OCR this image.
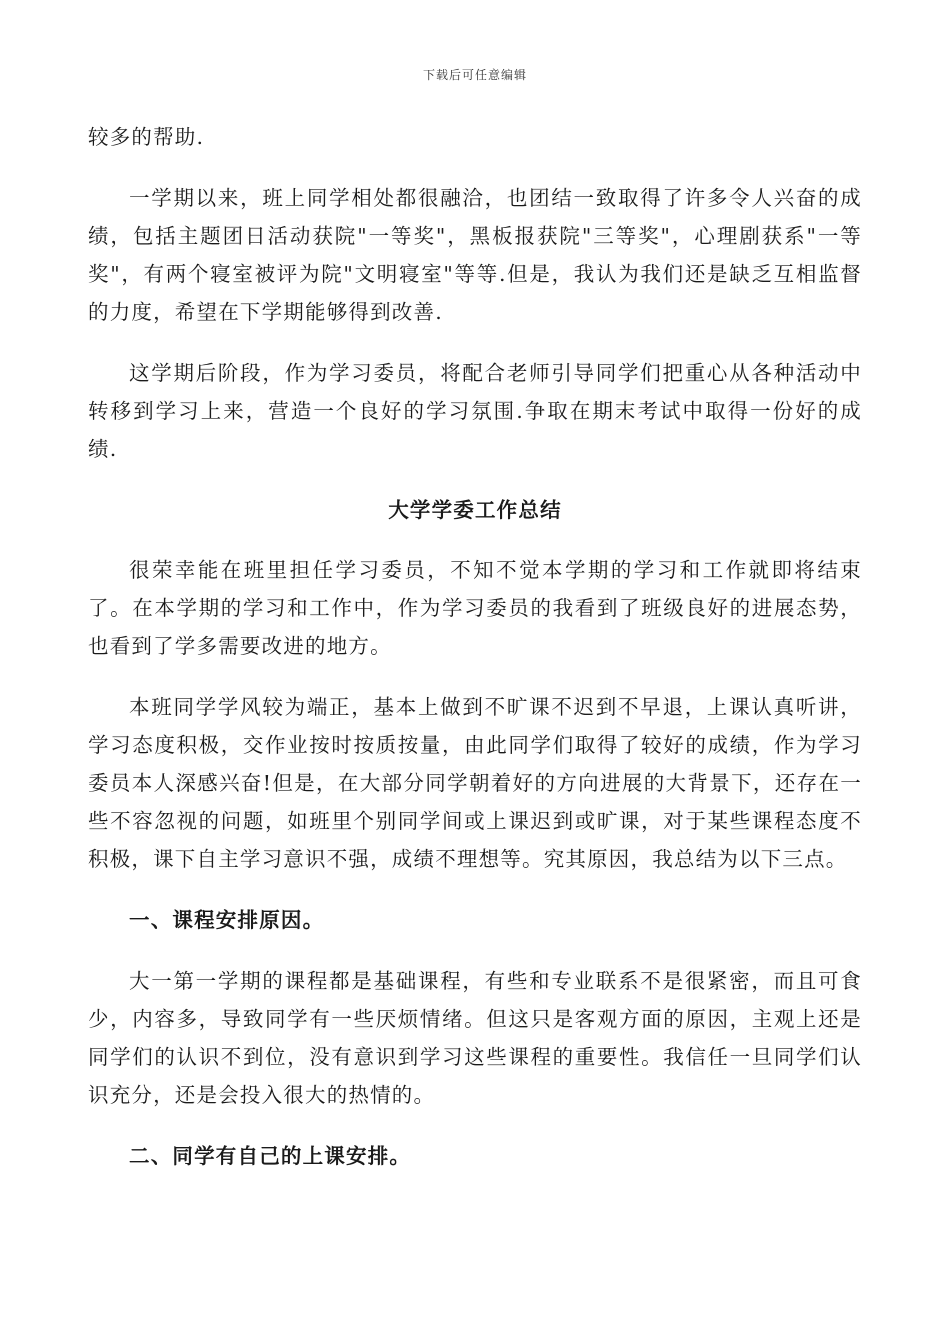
下载后可任意编辑

较多的帮助.

一学期以来，班上同学相处都很融洽，也团结一致取得了许多令人兴奋的成绩，包括主题团日活动获院"一等奖"，黑板报获院"三等奖"，心理剧获系"一等奖"，有两个寝室被评为院"文明寝室"等等.但是，我认为我们还是缺乏互相监督的力度，希望在下学期能够得到改善.

这学期后阶段，作为学习委员，将配合老师引导同学们把重心从各种活动中转移到学习上来，营造一个良好的学习氛围.争取在期末考试中取得一份好的成绩.

大学学委工作总结

很荣幸能在班里担任学习委员，不知不觉本学期的学习和工作就即将结束了。在本学期的学习和工作中，作为学习委员的我看到了班级良好的进展态势，也看到了学多需要改进的地方。

本班同学学风较为端正，基本上做到不旷课不迟到不早退，上课认真听讲，学习态度积极，交作业按时按质按量，由此同学们取得了较好的成绩，作为学习委员本人深感兴奋!但是，在大部分同学朝着好的方向进展的大背景下，还存在一些不容忽视的问题，如班里个别同学间或上课迟到或旷课，对于某些课程态度不积极，课下自主学习意识不强，成绩不理想等。究其原因，我总结为以下三点。

一、课程安排原因。

大一第一学期的课程都是基础课程，有些和专业联系不是很紧密，而且可食少，内容多，导致同学有一些厌烦情绪。但这只是客观方面的原因，主观上还是同学们的认识不到位，没有意识到学习这些课程的重要性。我信任一旦同学们认识充分，还是会投入很大的热情的。

二、同学有自己的上课安排。
